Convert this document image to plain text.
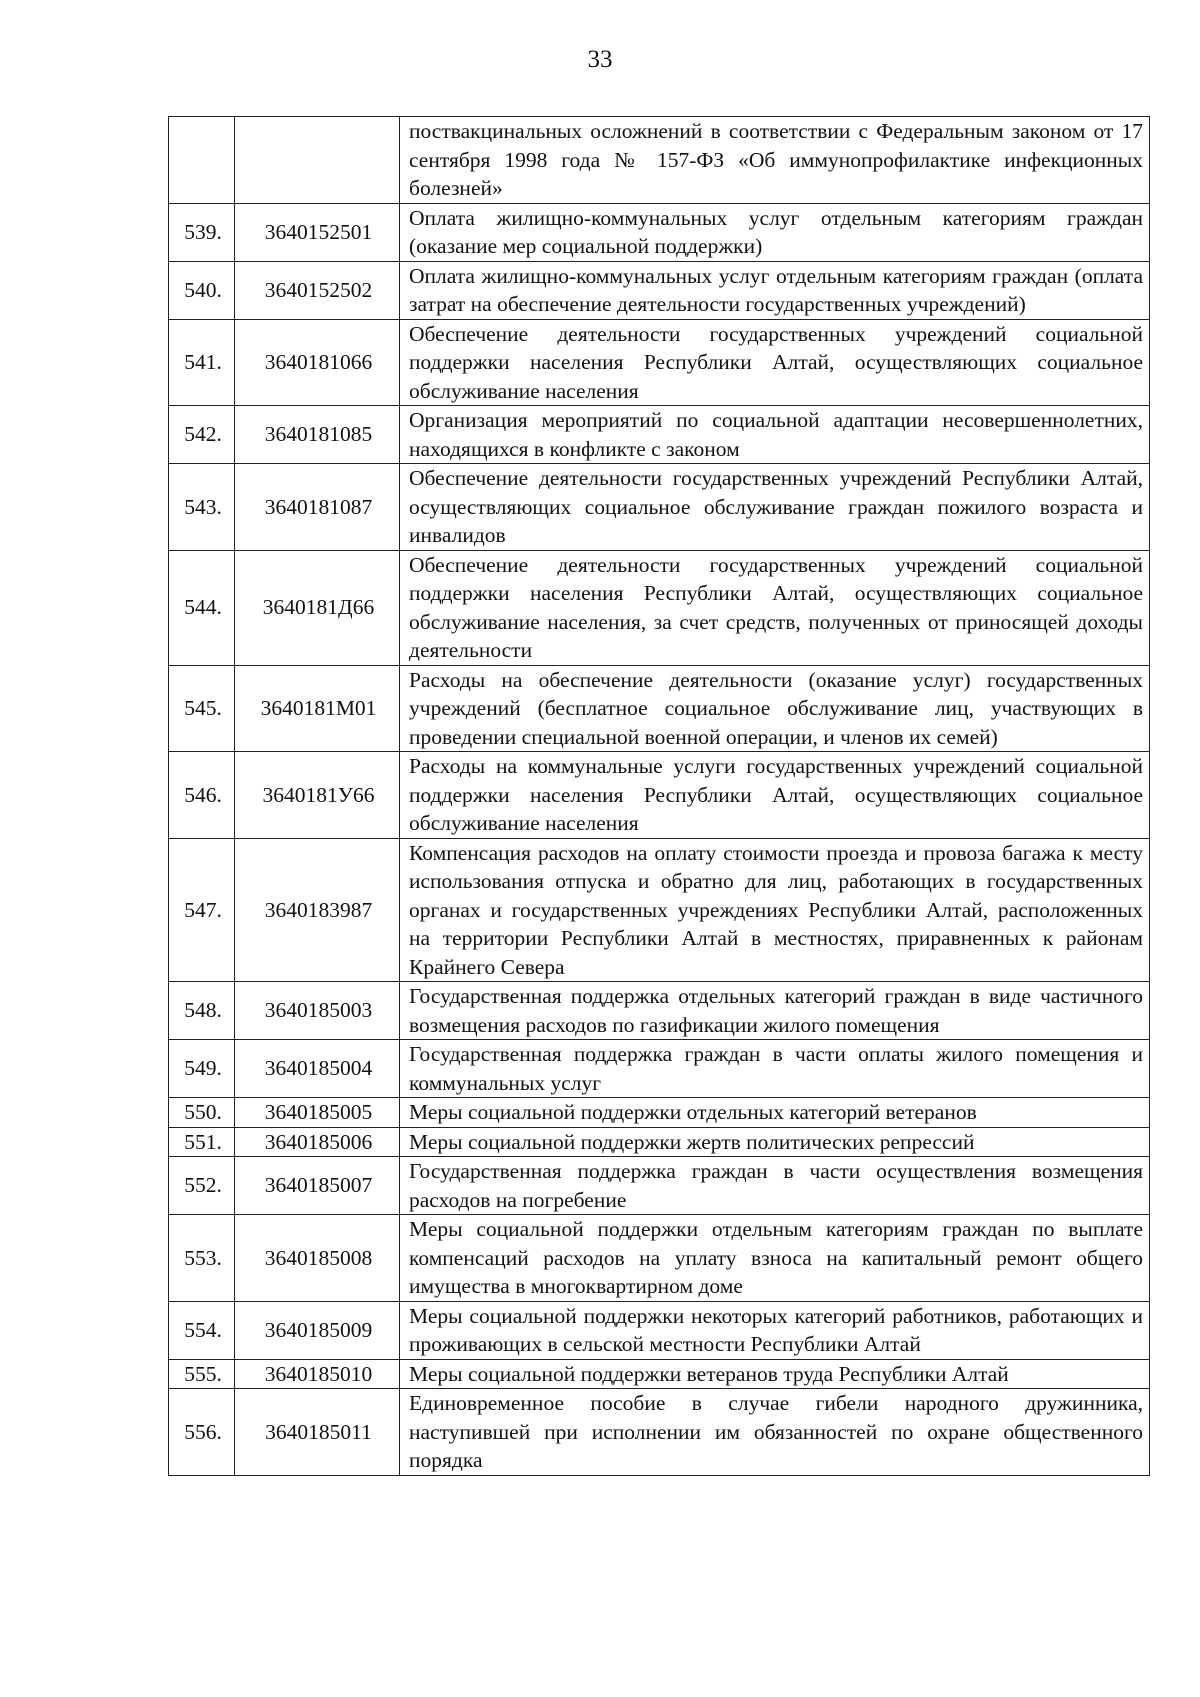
33
		поствакцинальных осложнений в соответствии с Федеральным законом от 17 сентября 1998 года № 157-ФЗ «Об иммунопрофилактике инфекционных болезней»
539.	3640152501	Оплата жилищно-коммунальных услуг отдельным категориям граждан (оказание мер социальной поддержки)
540.	3640152502	Оплата жилищно-коммунальных услуг отдельным категориям граждан (оплата затрат на обеспечение деятельности государственных учреждений)
541.	3640181066	Обеспечение деятельности государственных учреждений социальной поддержки населения Республики Алтай, осуществляющих социальное обслуживание населения
542.	3640181085	Организация мероприятий по социальной адаптации несовершеннолетних, находящихся в конфликте с законом
543.	3640181087	Обеспечение деятельности государственных учреждений Республики Алтай, осуществляющих социальное обслуживание граждан пожилого возраста и инвалидов
544.	3640181Д66	Обеспечение деятельности государственных учреждений социальной поддержки населения Республики Алтай, осуществляющих социальное обслуживание населения, за счет средств, полученных от приносящей доходы деятельности
545.	3640181М01	Расходы на обеспечение деятельности (оказание услуг) государственных учреждений (бесплатное социальное обслуживание лиц, участвующих в проведении специальной военной операции, и членов их семей)
546.	3640181У66	Расходы на коммунальные услуги государственных учреждений социальной поддержки населения Республики Алтай, осуществляющих социальное обслуживание населения
547.	3640183987	Компенсация расходов на оплату стоимости проезда и провоза багажа к месту использования отпуска и обратно для лиц, работающих в государственных органах и государственных учреждениях Республики Алтай, расположенных на территории Республики Алтай в местностях, приравненных к районам Крайнего Севера
548.	3640185003	Государственная поддержка отдельных категорий граждан в виде частичного возмещения расходов по газификации жилого помещения
549.	3640185004	Государственная поддержка граждан в части оплаты жилого помещения и коммунальных услуг
550.	3640185005	Меры социальной поддержки отдельных категорий ветеранов
551.	3640185006	Меры социальной поддержки жертв политических репрессий
552.	3640185007	Государственная поддержка граждан в части осуществления возмещения расходов на погребение
553.	3640185008	Меры социальной поддержки отдельным категориям граждан по выплате компенсаций расходов на уплату взноса на капитальный ремонт общего имущества в многоквартирном доме
554.	3640185009	Меры социальной поддержки некоторых категорий работников, работающих и проживающих в сельской местности Республики Алтай
555.	3640185010	Меры социальной поддержки ветеранов труда Республики Алтай
556.	3640185011	Единовременное пособие в случае гибели народного дружинника, наступившей при исполнении им обязанностей по охране общественного порядка
